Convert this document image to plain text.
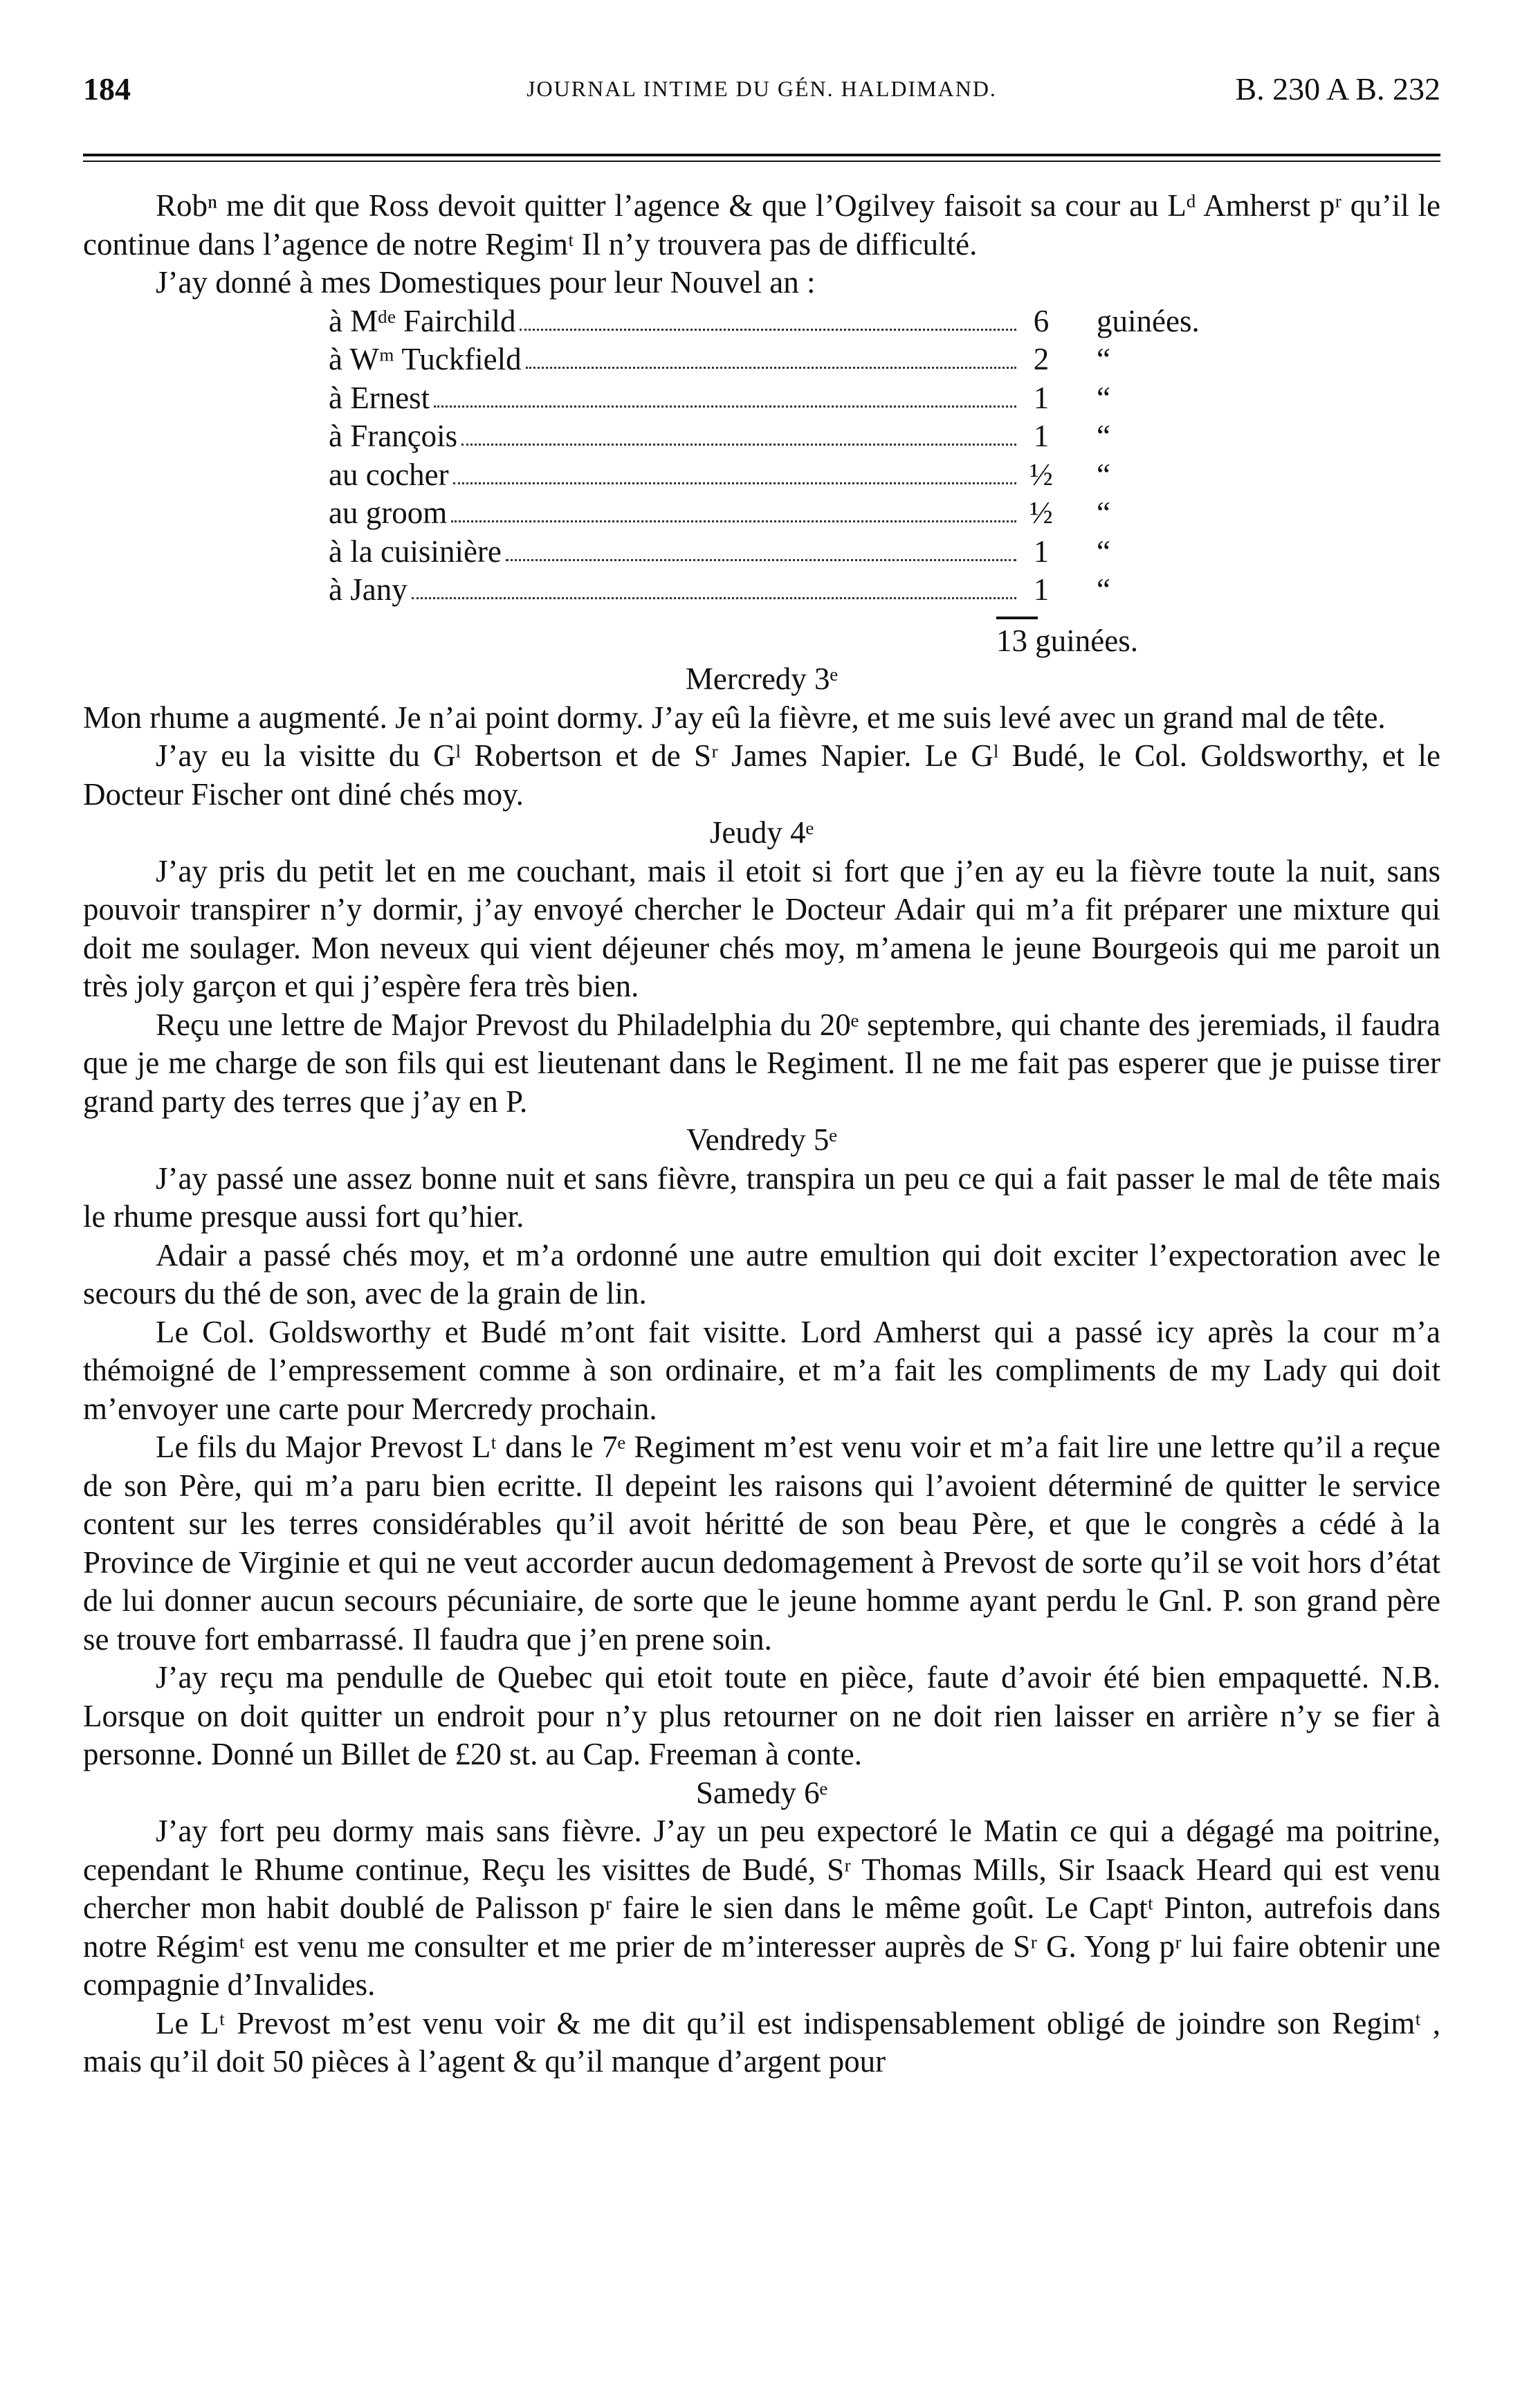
184	JOURNAL INTIME DU GÉN. HALDIMAND.	B. 230 A B. 232

Robⁿ me dit que Ross devoit quitter l’agence & que l’Ogilvey faisoit sa cour au Lᵈ Amherst pʳ qu’il le continue dans l’agence de notre Regimᵗ Il n’y trouvera pas de difficulté.

J’ay donné à mes Domestiques pour leur Nouvel an :

à Mᵈᵉ Fairchild	6	guinées.
à Wᵐ Tuckfield	2	“
à Ernest	1	“
à François	1	“
au cocher	½	“
au groom	½	“
à la cuisinière	1	“
à Jany	1	“

13 guinées.

Mercredy 3ᵉ

Mon rhume a augmenté. Je n’ai point dormy. J’ay eû la fièvre, et me suis levé avec un grand mal de tête.

J’ay eu la visitte du Gˡ Robertson et de Sʳ James Napier. Le Gˡ Budé, le Col. Goldsworthy, et le Docteur Fischer ont diné chés moy.

Jeudy 4ᵉ

J’ay pris du petit let en me couchant, mais il etoit si fort que j’en ay eu la fièvre toute la nuit, sans pouvoir transpirer n’y dormir, j’ay envoyé chercher le Docteur Adair qui m’a fit préparer une mixture qui doit me soulager. Mon neveux qui vient déjeuner chés moy, m’amena le jeune Bourgeois qui me paroit un très joly garçon et qui j’espère fera très bien.

Reçu une lettre de Major Prevost du Philadelphia du 20ᵉ septembre, qui chante des jeremiads, il faudra que je me charge de son fils qui est lieutenant dans le Regiment. Il ne me fait pas esperer que je puisse tirer grand party des terres que j’ay en P.

Vendredy 5ᵉ

J’ay passé une assez bonne nuit et sans fièvre, transpira un peu ce qui a fait passer le mal de tête mais le rhume presque aussi fort qu’hier.

Adair a passé chés moy, et m’a ordonné une autre emultion qui doit exciter l’expectoration avec le secours du thé de son, avec de la grain de lin.

Le Col. Goldsworthy et Budé m’ont fait visitte. Lord Amherst qui a passé icy après la cour m’a thémoigné de l’empressement comme à son ordinaire, et m’a fait les compliments de my Lady qui doit m’envoyer une carte pour Mercredy prochain.

Le fils du Major Prevost Lᵗ dans le 7ᵉ Regiment m’est venu voir et m’a fait lire une lettre qu’il a reçue de son Père, qui m’a paru bien ecritte. Il depeint les raisons qui l’avoient déterminé de quitter le service content sur les terres considérables qu’il avoit héritté de son beau Père, et que le congrès a cédé à la Province de Virginie et qui ne veut accorder aucun dedomagement à Prevost de sorte qu’il se voit hors d’état de lui donner aucun secours pécuniaire, de sorte que le jeune homme ayant perdu le Gnl. P. son grand père se trouve fort embarrassé. Il faudra que j’en prene soin.

J’ay reçu ma pendulle de Quebec qui etoit toute en pièce, faute d’avoir été bien empaquetté. N.B. Lorsque on doit quitter un endroit pour n’y plus retourner on ne doit rien laisser en arrière n’y se fier à personne. Donné un Billet de £20 st. au Cap. Freeman à conte.

Samedy 6ᵉ

J’ay fort peu dormy mais sans fièvre. J’ay un peu expectoré le Matin ce qui a dégagé ma poitrine, cependant le Rhume continue, Reçu les visittes de Budé, Sʳ Thomas Mills, Sir Isaack Heard qui est venu chercher mon habit doublé de Palisson pʳ faire le sien dans le même goût. Le Captᵗ Pinton, autrefois dans notre Régimᵗ est venu me consulter et me prier de m’interesser auprès de Sʳ G. Yong pʳ lui faire obtenir une compagnie d’Invalides.

Le Lᵗ Prevost m’est venu voir & me dit qu’il est indispensablement obligé de joindre son Regimᵗ , mais qu’il doit 50 pièces à l’agent & qu’il manque d’argent pour
